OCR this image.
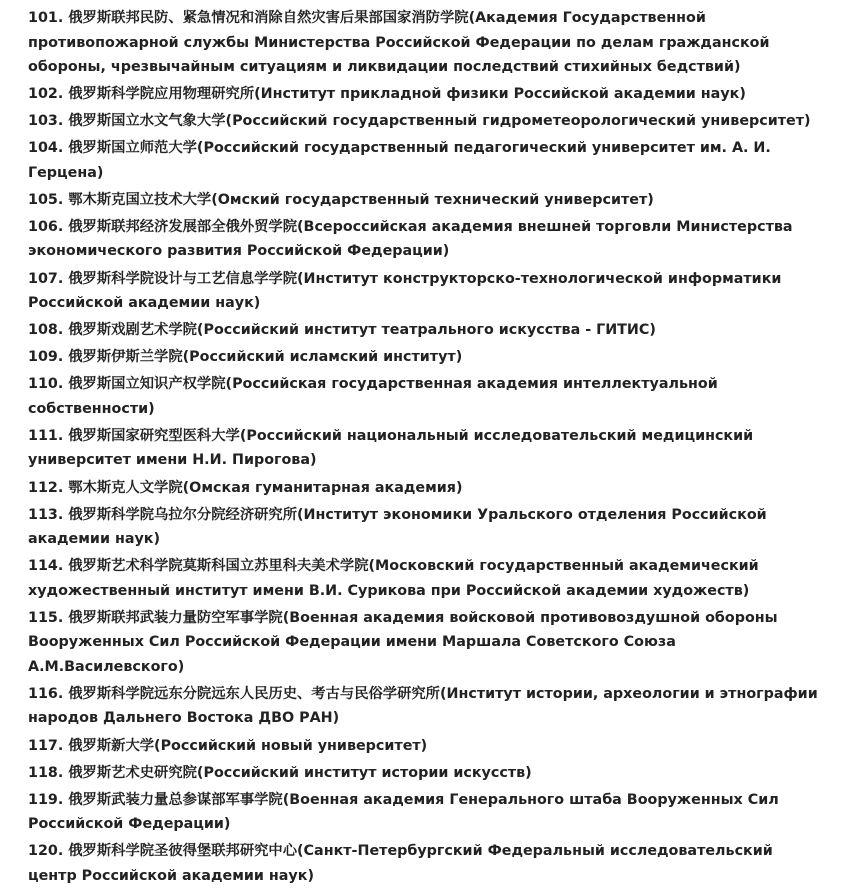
101. 俄罗斯联邦民防、紧急情况和消除自然灾害后果部国家消防学院(Академия Государственной противопожарной службы Министерства Российской Федерации по делам гражданской обороны, чрезвычайным ситуациям и ликвидации последствий стихийных бедствий)

102. 俄罗斯科学院应用物理研究所(Институт прикладной физики Российской академии наук)

103. 俄罗斯国立水文气象大学(Российский государственный гидрометеорологический университет)

104. 俄罗斯国立师范大学(Российский государственный педагогический университет им. А. И. Герцена)

105. 鄂木斯克国立技术大学(Омский государственный технический университет)

106. 俄罗斯联邦经济发展部全俄外贸学院(Всероссийская академия внешней торговли Министерства экономического развития Российской Федерации)

107. 俄罗斯科学院设计与工艺信息学学院(Институт конструкторско-технологической информатики Российской академии наук)

108. 俄罗斯戏剧艺术学院(Российский институт театрального искусства - ГИТИС)

109. 俄罗斯伊斯兰学院(Российский исламский институт)

110. 俄罗斯国立知识产权学院(Российская государственная академия интеллектуальной собственности)

111. 俄罗斯国家研究型医科大学(Российский национальный исследовательский медицинский университет имени Н.И. Пирогова)

112. 鄂木斯克人文学院(Омская гуманитарная академия)

113. 俄罗斯科学院乌拉尔分院经济研究所(Институт экономики Уральского отделения Российской академии наук)

114. 俄罗斯艺术科学院莫斯科国立苏里科夫美术学院(Московский государственный академический художественный институт имени В.И. Сурикова при Российской академии художеств)

115. 俄罗斯联邦武装力量防空军事学院(Военная академия войсковой противовоздушной обороны Вооруженных Сил Российской Федерации имени Маршала Советского Союза А.М.Василевского)

116. 俄罗斯科学院远东分院远东人民历史、考古与民俗学研究所(Институт истории, археологии и этнографии народов Дальнего Востока ДВО РАН)

117. 俄罗斯新大学(Российский новый университет)

118. 俄罗斯艺术史研究院(Российский институт истории искусств)

119. 俄罗斯武装力量总参谋部军事学院(Военная академия Генерального штаба Вооруженных Сил Российской Федерации)

120. 俄罗斯科学院圣彼得堡联邦研究中心(Санкт-Петербургский Федеральный исследовательский центр Российской академии наук)
